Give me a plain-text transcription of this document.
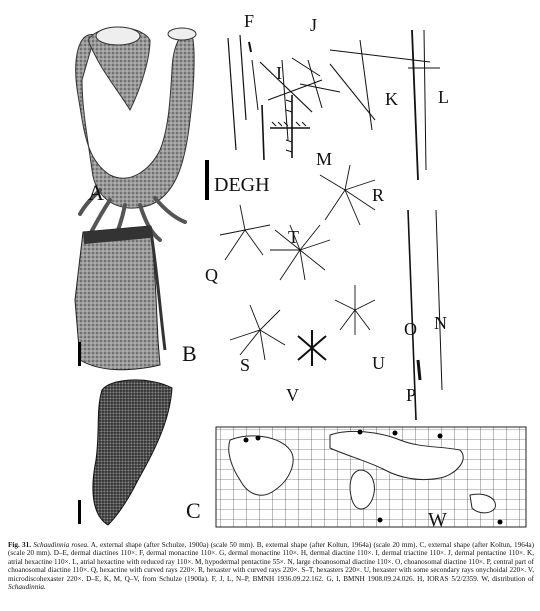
A
B
C
F	J
I
K L
M
DEGH	R
T
Q
O N
S	U
V	P
W
Fig. 31. Schaudinnia rosea. A, external shape (after Schulze, 1900a) (scale 50 mm). B, external shape (after Koltun, 1964a) (scale 20 mm). C, external shape (after Koltun, 1964a) (scale 20 mm). D–E, dermal diactines 110×. F, dermal monactine 110×. G, dermal monactine 110×. H, dermal diactine 110×. I, dermal triactine 110×. J, dermal pentactine 110×. K, atrial hexactine 110×. L, atrial hexactine with reduced ray 110×. M, hypodermal pentactine 55×. N, large choanosomal diactine 110×. O, choanosomal diactine 110×. P, central part of choanosomal diactine 110×. Q, hexactine with curved rays 220×. R, hexaster with curved rays 220×. S–T, hexasters 220×. U, hexaster with some secondary rays onychoidal 220×. V, microdiscohexaster 220×. D–E, K, M, Q–V, from Schulze (1900a). F, J, L, N–P, BMNH 1936.09.22.162. G, I, BMNH 1908.09.24.026. H, IORAS 5/2/2359. W, distribution of Schaudinnia.
